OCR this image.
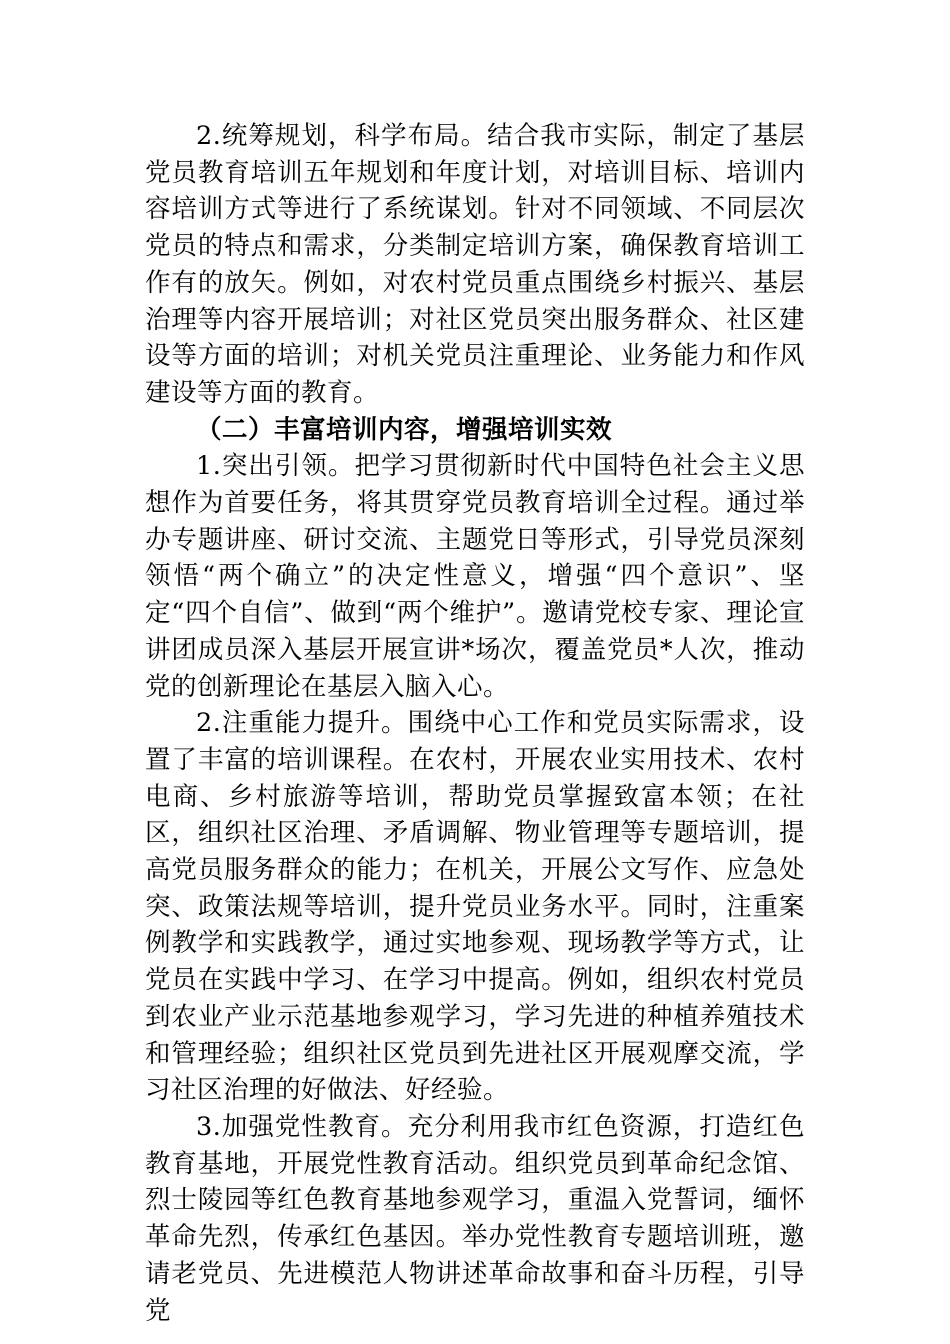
2.统筹规划，科学布局。结合我市实际，制定了基层党员教育培训五年规划和年度计划，对培训目标、培训内容培训方式等进行了系统谋划。针对不同领域、不同层次党员的特点和需求，分类制定培训方案，确保教育培训工作有的放矢。例如，对农村党员重点围绕乡村振兴、基层治理等内容开展培训；对社区党员突出服务群众、社区建设等方面的培训；对机关党员注重理论、业务能力和作风建设等方面的教育。

（二）丰富培训内容，增强培训实效

1.突出引领。把学习贯彻新时代中国特色社会主义思想作为首要任务，将其贯穿党员教育培训全过程。通过举办专题讲座、研讨交流、主题党日等形式，引导党员深刻领悟“两个确立”的决定性意义，增强“四个意识”、坚定“四个自信”、做到“两个维护”。邀请党校专家、理论宣讲团成员深入基层开展宣讲*场次，覆盖党员*人次，推动党的创新理论在基层入脑入心。

2.注重能力提升。围绕中心工作和党员实际需求，设置了丰富的培训课程。在农村，开展农业实用技术、农村电商、乡村旅游等培训，帮助党员掌握致富本领；在社区，组织社区治理、矛盾调解、物业管理等专题培训，提高党员服务群众的能力；在机关，开展公文写作、应急处突、政策法规等培训，提升党员业务水平。同时，注重案例教学和实践教学，通过实地参观、现场教学等方式，让党员在实践中学习、在学习中提高。例如，组织农村党员到农业产业示范基地参观学习，学习先进的种植养殖技术和管理经验；组织社区党员到先进社区开展观摩交流，学习社区治理的好做法、好经验。

3.加强党性教育。充分利用我市红色资源，打造红色教育基地，开展党性教育活动。组织党员到革命纪念馆、烈士陵园等红色教育基地参观学习，重温入党誓词，缅怀革命先烈，传承红色基因。举办党性教育专题培训班，邀请老党员、先进模范人物讲述革命故事和奋斗历程，引导党
